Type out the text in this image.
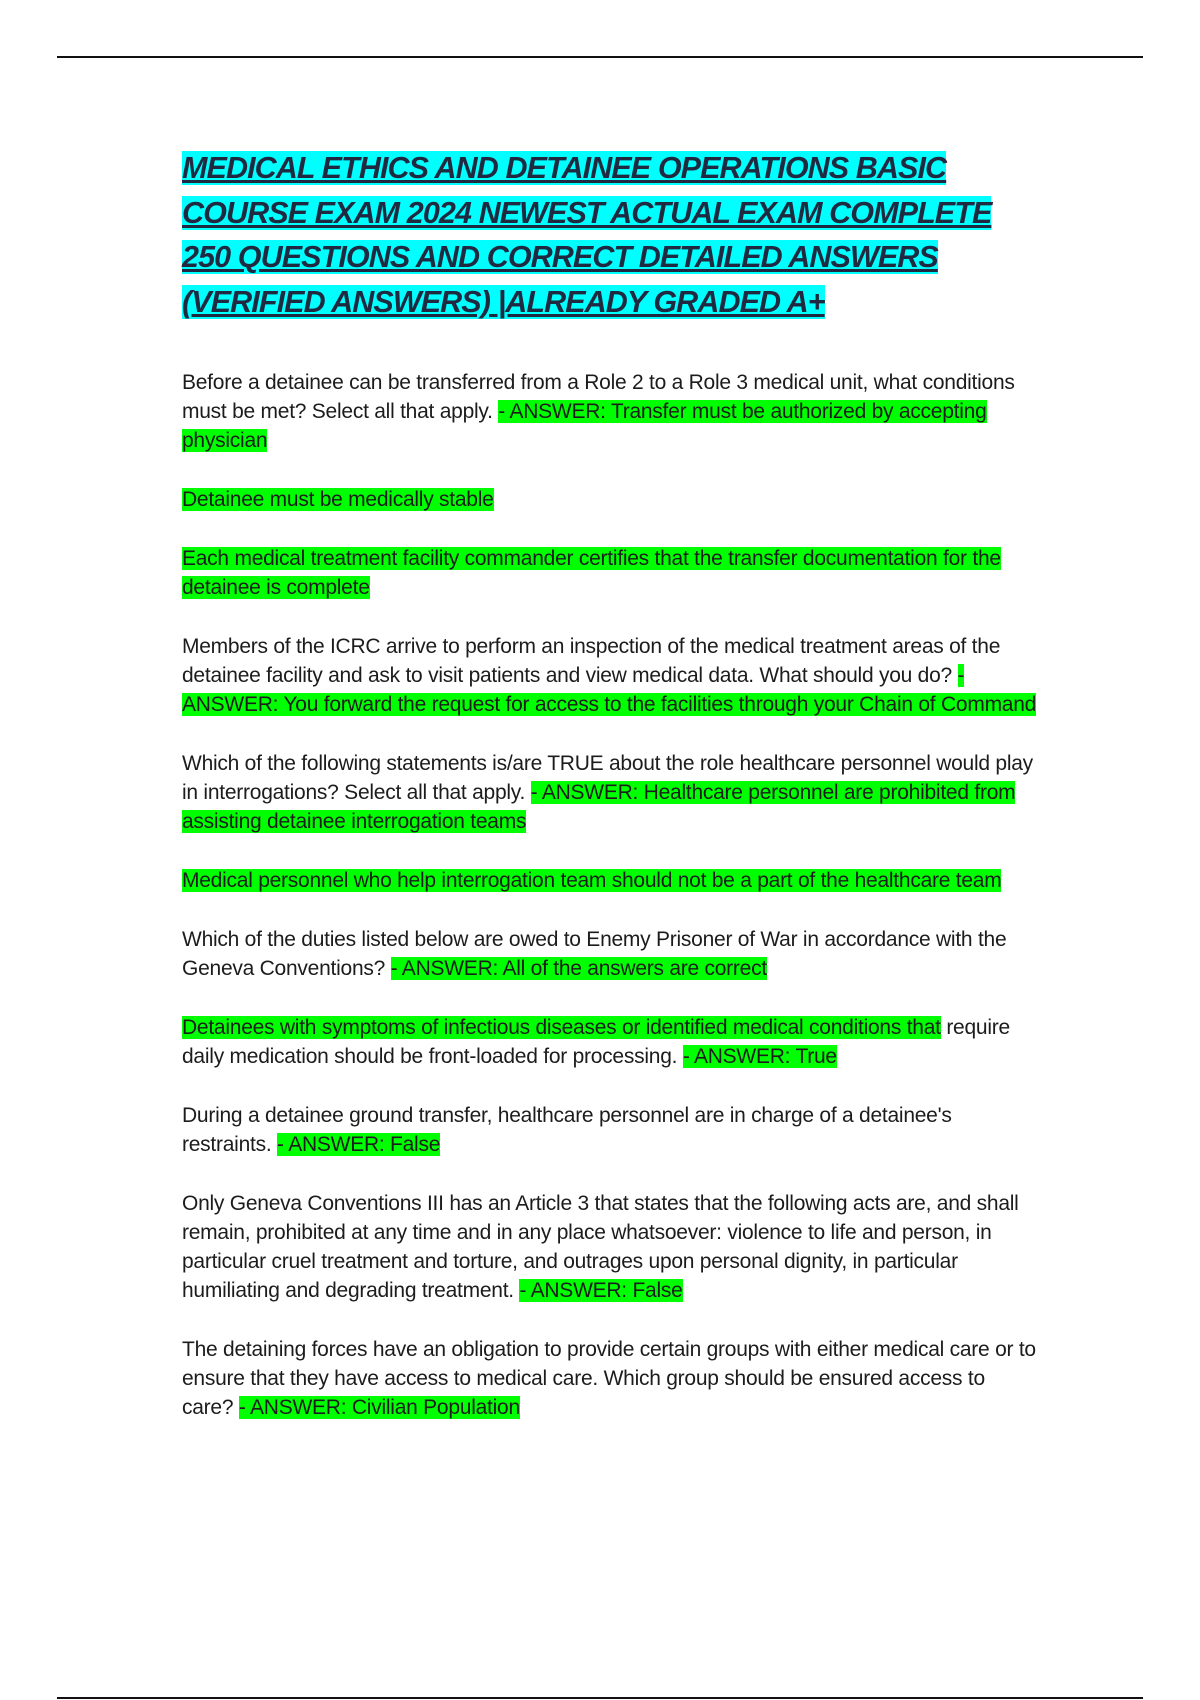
MEDICAL ETHICS AND DETAINEE OPERATIONS BASIC COURSE EXAM 2024 NEWEST ACTUAL EXAM COMPLETE 250 QUESTIONS AND CORRECT DETAILED ANSWERS (VERIFIED ANSWERS) |ALREADY GRADED A+

Before a detainee can be transferred from a Role 2 to a Role 3 medical unit, what conditions must be met? Select all that apply. - ANSWER: Transfer must be authorized by accepting physician

Detainee must be medically stable

Each medical treatment facility commander certifies that the transfer documentation for the detainee is complete

Members of the ICRC arrive to perform an inspection of the medical treatment areas of the detainee facility and ask to visit patients and view medical data. What should you do? - ANSWER: You forward the request for access to the facilities through your Chain of Command

Which of the following statements is/are TRUE about the role healthcare personnel would play in interrogations? Select all that apply. - ANSWER: Healthcare personnel are prohibited from assisting detainee interrogation teams

Medical personnel who help interrogation team should not be a part of the healthcare team

Which of the duties listed below are owed to Enemy Prisoner of War in accordance with the Geneva Conventions? - ANSWER: All of the answers are correct

Detainees with symptoms of infectious diseases or identified medical conditions that require daily medication should be front-loaded for processing. - ANSWER: True

During a detainee ground transfer, healthcare personnel are in charge of a detainee's restraints. - ANSWER: False

Only Geneva Conventions III has an Article 3 that states that the following acts are, and shall remain, prohibited at any time and in any place whatsoever: violence to life and person, in particular cruel treatment and torture, and outrages upon personal dignity, in particular humiliating and degrading treatment. - ANSWER: False

The detaining forces have an obligation to provide certain groups with either medical care or to ensure that they have access to medical care. Which group should be ensured access to care? - ANSWER: Civilian Population
